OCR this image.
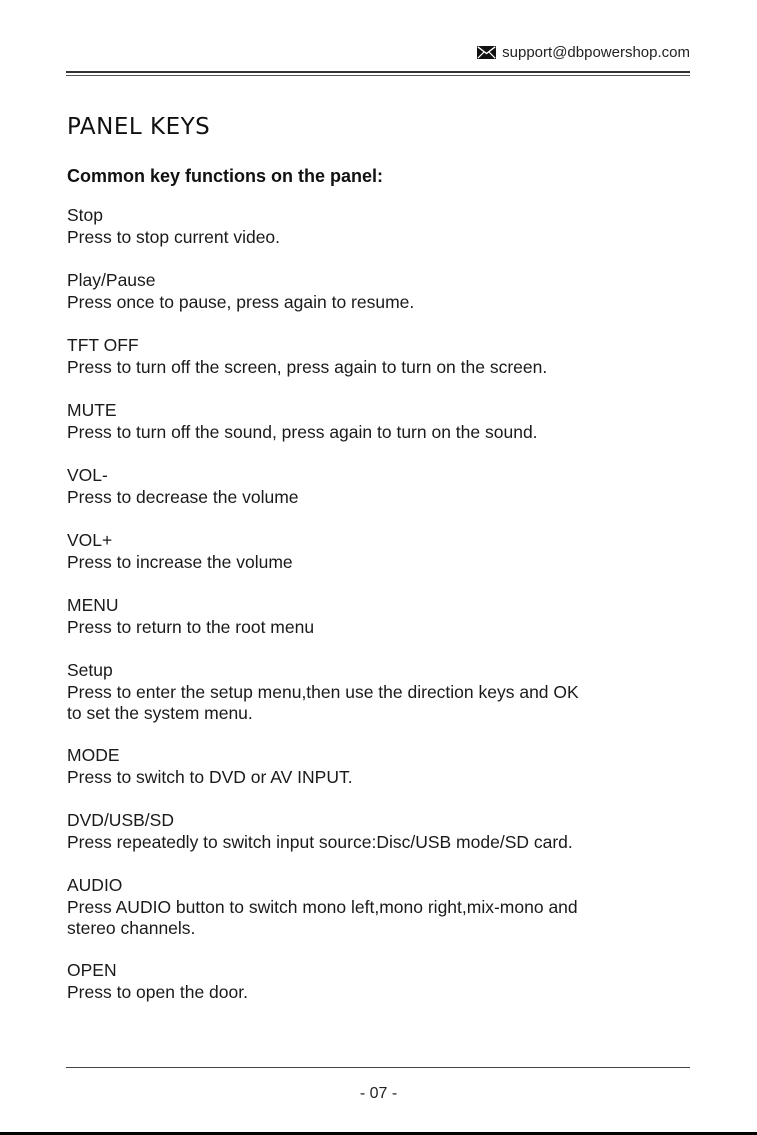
support@dbpowershop.com
PANEL KEYS
Common key functions on the panel:
Stop
Press to stop current video.
Play/Pause
Press once to pause, press again to resume.
TFT OFF
Press to turn off the screen, press again to turn on the screen.
MUTE
Press to turn off the sound, press again to turn on the sound.
VOL-
Press to decrease the volume
VOL+
Press to increase the volume
MENU
Press to return to the root menu
Setup
Press to enter the setup menu,then use the direction keys and OK
to set the system menu.
MODE
Press to switch to DVD or AV INPUT.
DVD/USB/SD
Press repeatedly to switch input source:Disc/USB mode/SD card.
AUDIO
Press AUDIO button to switch mono left,mono right,mix-mono and
stereo channels.
OPEN
Press to open the door.
- 07 -
